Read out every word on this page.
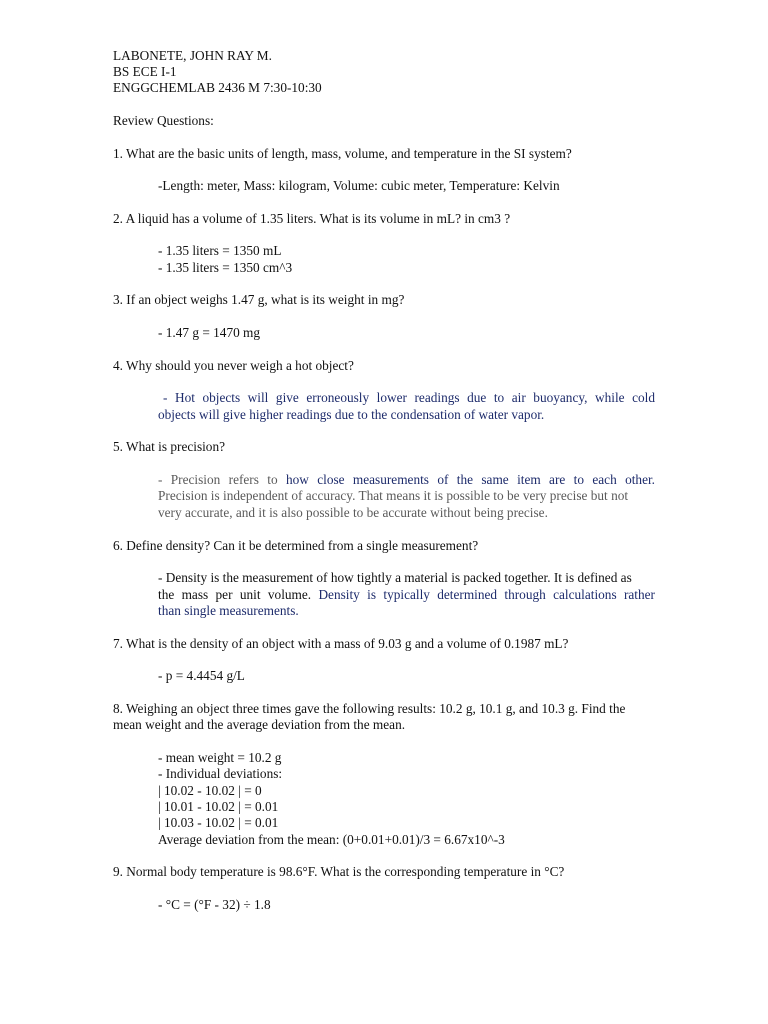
LABONETE, JOHN RAY M.
BS ECE I-1
ENGGCHEMLAB 2436 M 7:30-10:30
Review Questions:
1. What are the basic units of length, mass, volume, and temperature in the SI system?
-Length: meter, Mass: kilogram, Volume: cubic meter, Temperature: Kelvin
2. A liquid has a volume of 1.35 liters. What is its volume in mL? in cm3 ?
- 1.35 liters = 1350 mL
- 1.35 liters = 1350 cm^3
3. If an object weighs 1.47 g, what is its weight in mg?
- 1.47 g = 1470 mg
4. Why should you never weigh a hot object?
- Hot objects will give erroneously lower readings due to air buoyancy, while cold
objects will give higher readings due to the condensation of water vapor.
5. What is precision?
- Precision refers to how close measurements of the same item are to each other.
Precision is independent of accuracy. That means it is possible to be very precise but not
very accurate, and it is also possible to be accurate without being precise.
6. Define density? Can it be determined from a single measurement?
- Density is the measurement of how tightly a material is packed together. It is defined as
the mass per unit volume. Density is typically determined through calculations rather
than single measurements.
7. What is the density of an object with a mass of 9.03 g and a volume of 0.1987 mL?
- p = 4.4454 g/L
8. Weighing an object three times gave the following results: 10.2 g, 10.1 g, and 10.3 g. Find the
mean weight and the average deviation from the mean.
- mean weight = 10.2 g
- Individual deviations:
| 10.02 - 10.02 | = 0
| 10.01 - 10.02 | = 0.01
| 10.03 - 10.02 | = 0.01
Average deviation from the mean: (0+0.01+0.01)/3 = 6.67x10^-3
9. Normal body temperature is 98.6°F. What is the corresponding temperature in °C?
- °C = (°F - 32) ÷ 1.8
